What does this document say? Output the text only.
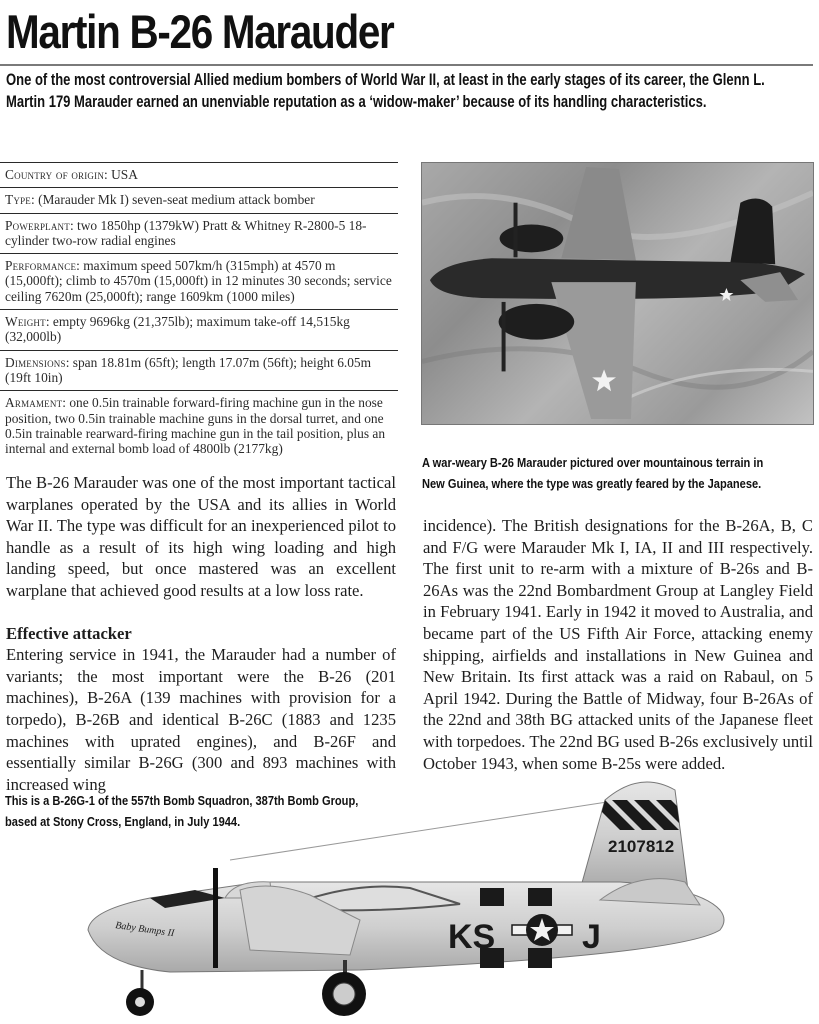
Martin B-26 Marauder
One of the most controversial Allied medium bombers of World War II, at least in the early stages of its career, the Glenn L. Martin 179 Marauder earned an unenviable reputation as a ‘widow-maker’ because of its handling characteristics.
Country of origin: USA
Type: (Marauder Mk I) seven-seat medium attack bomber
Powerplant: two 1850hp (1379kW) Pratt & Whitney R-2800-5 18-cylinder two-row radial engines
Performance: maximum speed 507km/h (315mph) at 4570 m (15,000ft); climb to 4570m (15,000ft) in 12 minutes 30 seconds; service ceiling 7620m (25,000ft); range 1609km (1000 miles)
Weight: empty 9696kg (21,375lb); maximum take-off 14,515kg (32,000lb)
Dimensions: span 18.81m (65ft); length 17.07m (56ft); height 6.05m (19ft 10in)
Armament: one 0.5in trainable forward-firing machine gun in the nose position, two 0.5in trainable machine guns in the dorsal turret, and one 0.5in trainable rearward-firing machine gun in the tail position, plus an internal and external bomb load of 4800lb (2177kg)
A war-weary B-26 Marauder pictured over mountainous terrain in
New Guinea, where the type was greatly feared by the Japanese.

The B-26 Marauder was one of the most important tactical warplanes operated by the USA and its allies in World War II. The type was difficult for an inexperienced pilot to handle as a result of its high wing loading and high landing speed, but once mastered was an excellent warplane that achieved good results at a low loss rate.

Effective attacker

Entering service in 1941, the Marauder had a number of variants; the most important were the B-26 (201 machines), B-26A (139 machines with provision for a torpedo), B-26B and identical B-26C (1883 and 1235 machines with uprated engines), and B-26F and essentially similar B-26G (300 and 893 machines with increased wing

incidence). The British designations for the B-26A, B, C and F/G were Marauder Mk I, IA, II and III respectively. The first unit to re-arm with a mixture of B-26s and B-26As was the 22nd Bombardment Group at Langley Field in February 1941. Early in 1942 it moved to Australia, and became part of the US Fifth Air Force, attacking enemy shipping, airfields and installations in New Guinea and New Britain. Its first attack was a raid on Rabaul, on 5 April 1942. During the Battle of Midway, four B-26As of the 22nd and 38th BG attacked units of the Japanese fleet with torpedoes. The 22nd BG used B-26s exclusively until October 1943, when some B-25s were added.

This is a B-26G-1 of the 557th Bomb Squadron, 387th Bomb Group,
based at Stony Cross, England, in July 1944.
2107812
KS	J
Baby Bumps II
